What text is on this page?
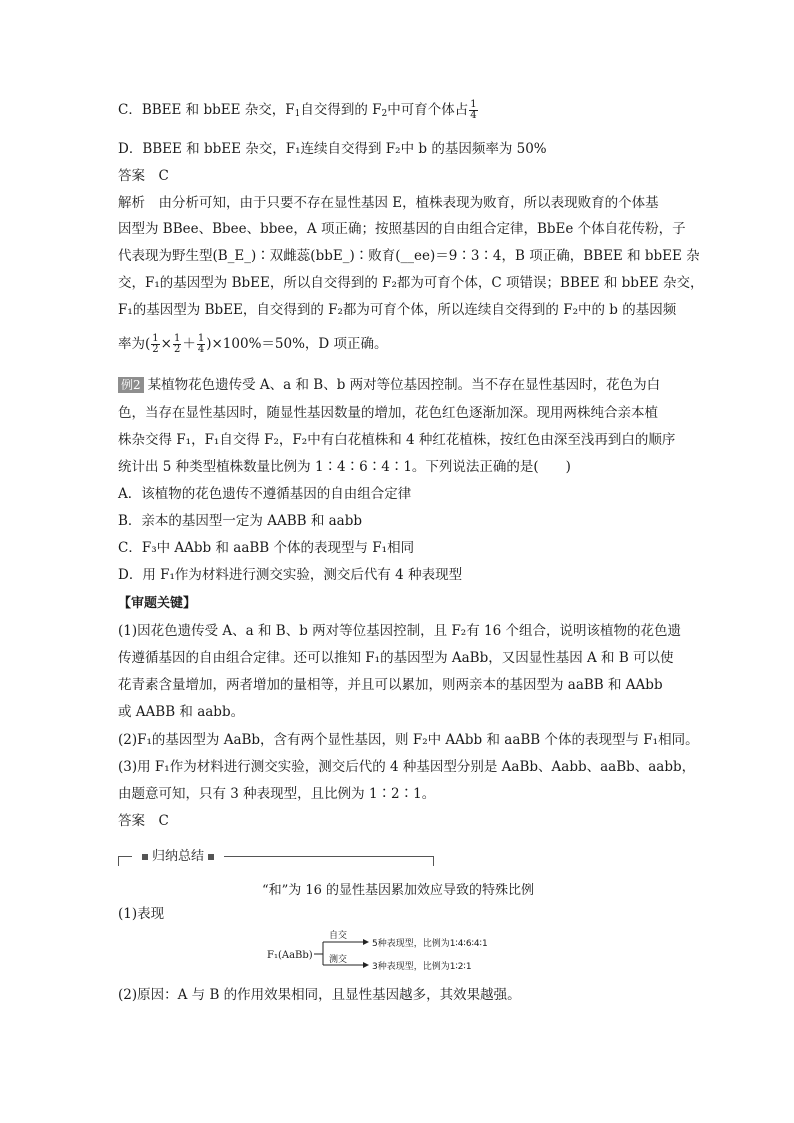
C．BBEE 和 bbEE 杂交，$F_1$自交得到的 $F_2$中可育个体占 $\frac{1}{4}$
D．BBEE 和 bbEE 杂交，F₁连续自交得到 F₂中 b 的基因频率为 50%
答案　C
解析　由分析可知，由于只要不存在显性基因 E，植株表现为败育，所以表现败育的个体基
因型为 BBee、Bbee、bbee，A 项正确；按照基因的自由组合定律，BbEe 个体自花传粉，子
代表现为野生型(B_E_)∶双雌蕊(bbE_)∶败育(__ee)＝9∶3∶4，B 项正确，BBEE 和 bbEE 杂
交，F₁的基因型为 BbEE，所以自交得到的 F₂都为可育个体，C 项错误；BBEE 和 bbEE 杂交，
F₁的基因型为 BbEE，自交得到的 F₂都为可育个体，所以连续自交得到的 F₂中的 b 的基因频
率为( $\frac{1}{2} \times \frac{1}{2} + \frac{1}{4} )\times 100\%=50\%$，D 项正确。
例2 某植物花色遗传受 A、a 和 B、b 两对等位基因控制。当不存在显性基因时，花色为白
色，当存在显性基因时，随显性基因数量的增加，花色红色逐渐加深。现用两株纯合亲本植
株杂交得 F₁，F₁自交得 F₂，F₂中有白花植株和 4 种红花植株，按红色由深至浅再到白的顺序
统计出 5 种类型植株数量比例为 1∶4∶6∶4∶1。下列说法正确的是(　　)
A．该植物的花色遗传不遵循基因的自由组合定律
B．亲本的基因型一定为 AABB 和 aabb
C．F₃中 AAbb 和 aaBB 个体的表现型与 F₁相同
D．用 F₁作为材料进行测交实验，测交后代有 4 种表现型
【审题关键】
(1)因花色遗传受 A、a 和 B、b 两对等位基因控制，且 F₂有 16 个组合，说明该植物的花色遗
传遵循基因的自由组合定律。还可以推知 F₁的基因型为 AaBb，又因显性基因 A 和 B 可以使
花青素含量增加，两者增加的量相等，并且可以累加，则两亲本的基因型为 aaBB 和 AAbb
或 AABB 和 aabb。
(2)F₁的基因型为 AaBb，含有两个显性基因，则 F₂中 AAbb 和 aaBB 个体的表现型与 F₁相同。
(3)用 F₁作为材料进行测交实验，测交后代的 4 种基因型分别是 AaBb、Aabb、aaBb、aabb，
由题意可知，只有 3 种表现型，且比例为 1∶2∶1。
答案　C
归纳总结
“和”为 16 的显性基因累加效应导致的特殊比例
(1)表现
F₁(AaBb)
自交
测交
5种表现型，比例为1∶4∶6∶4∶1
3种表现型，比例为1∶2∶1
(2)原因：A 与 B 的作用效果相同，且显性基因越多，其效果越强。
